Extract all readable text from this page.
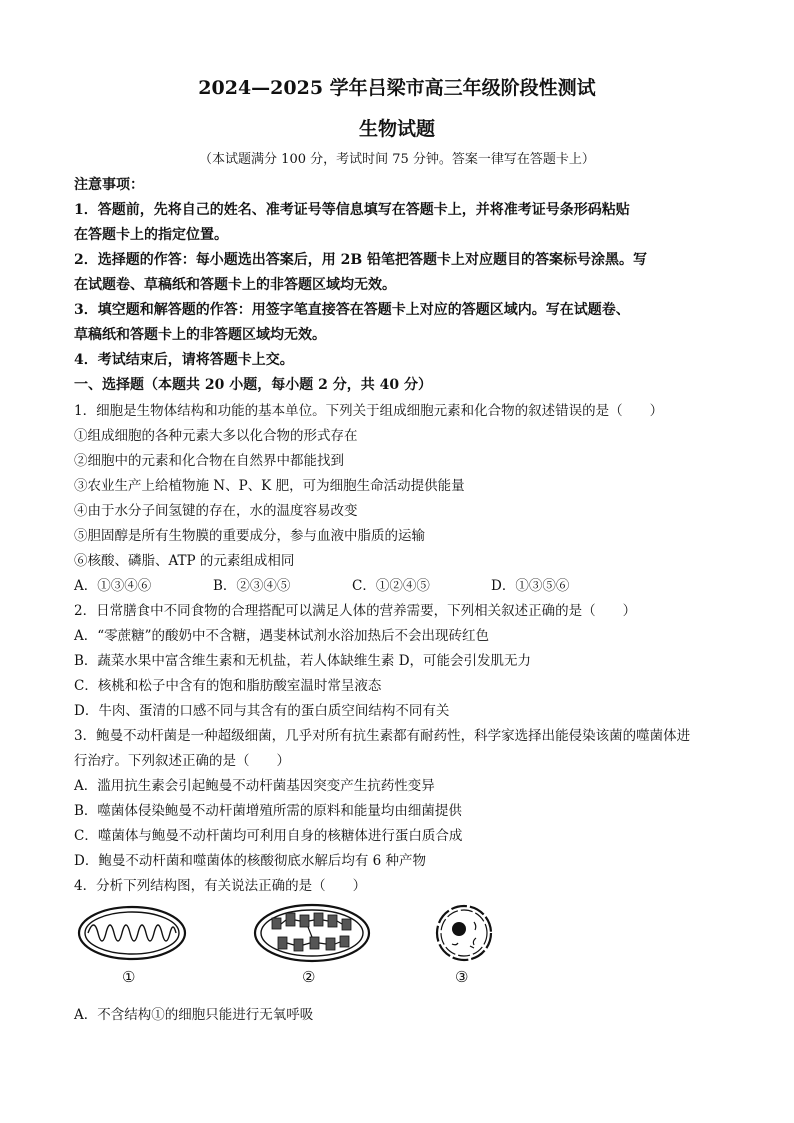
2024—2025 学年吕梁市高三年级阶段性测试
生物试题
（本试题满分 100 分，考试时间 75 分钟。答案一律写在答题卡上）
注意事项：
1．答题前，先将自己的姓名、准考证号等信息填写在答题卡上，并将准考证号条形码粘贴
在答题卡上的指定位置。
2．选择题的作答：每小题选出答案后，用 2B 铅笔把答题卡上对应题目的答案标号涂黑。写
在试题卷、草稿纸和答题卡上的非答题区域均无效。
3．填空题和解答题的作答：用签字笔直接答在答题卡上对应的答题区域内。写在试题卷、
草稿纸和答题卡上的非答题区域均无效。
4．考试结束后，请将答题卡上交。
一、选择题（本题共 20 小题，每小题 2 分，共 40 分）
1．细胞是生物体结构和功能的基本单位。下列关于组成细胞元素和化合物的叙述错误的是（　　）
①组成细胞的各种元素大多以化合物的形式存在
②细胞中的元素和化合物在自然界中都能找到
③农业生产上给植物施 N、P、K 肥，可为细胞生命活动提供能量
④由于水分子间氢键的存在，水的温度容易改变
⑤胆固醇是所有生物膜的重要成分，参与血液中脂质的运输
⑥核酸、磷脂、ATP 的元素组成相同
A．①③④⑥	B．②③④⑤	C．①②④⑤	D．①③⑤⑥
2．日常膳食中不同食物的合理搭配可以满足人体的营养需要，下列相关叙述正确的是（　　）
A．“零蔗糖”的酸奶中不含糖，遇斐林试剂水浴加热后不会出现砖红色
B．蔬菜水果中富含维生素和无机盐，若人体缺维生素 D，可能会引发肌无力
C．核桃和松子中含有的饱和脂肪酸室温时常呈液态
D．牛肉、蛋清的口感不同与其含有的蛋白质空间结构不同有关
3．鲍曼不动杆菌是一种超级细菌，几乎对所有抗生素都有耐药性，科学家选择出能侵染该菌的噬菌体进
行治疗。下列叙述正确的是（　　）
A．滥用抗生素会引起鲍曼不动杆菌基因突变产生抗药性变异
B．噬菌体侵染鲍曼不动杆菌增殖所需的原料和能量均由细菌提供
C．噬菌体与鲍曼不动杆菌均可利用自身的核糖体进行蛋白质合成
D．鲍曼不动杆菌和噬菌体的核酸彻底水解后均有 6 种产物
4．分析下列结构图，有关说法正确的是（　　）
①	②	③
A．不含结构①的细胞只能进行无氧呼吸
